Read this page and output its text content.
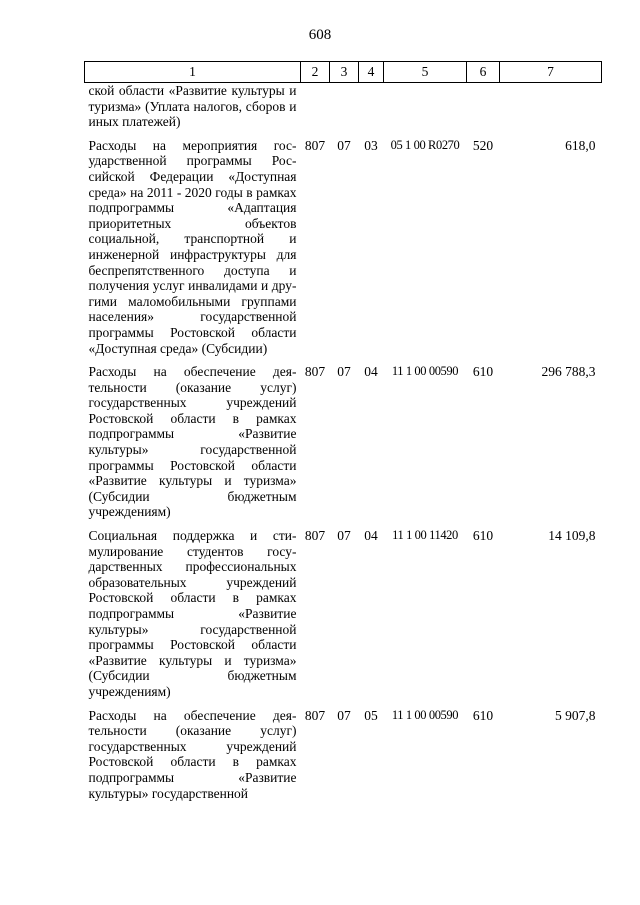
608
1	2	3	4	5	6	7
ской области «Развитие культуры и туризма» (Уплата налогов, сборов и иных платежей)						
Расходы на мероприятия государственной программы Российской Федерации «Доступная среда» на 2011 - 2020 годы в рамках подпрограммы «Адаптация приоритетных объектов социальной, транспортной и инженерной инфраструктуры для беспрепятственного доступа и получения услуг инвалидами и другими маломобильными группами населения» государственной программы Ростовской области «Доступная среда» (Субсидии)	807	07	03	05 1 00 R0270	520	618,0
Расходы на обеспечение деятельности (оказание услуг) государственных учреждений Ростовской области в рамках подпрограммы «Развитие культуры» государственной программы Ростовской области «Развитие культуры и туризма» (Субсидии бюджетным учреждениям)	807	07	04	11 1 00 00590	610	296 788,3
Социальная поддержка и стимулирование студентов государственных профессиональных образовательных учреждений Ростовской области в рамках подпрограммы «Развитие культуры» государственной программы Ростовской области «Развитие культуры и туризма» (Субсидии бюджетным учреждениям)	807	07	04	11 1 00 11420	610	14 109,8
Расходы на обеспечение деятельности (оказание услуг) государственных учреждений Ростовской области в рамках подпрограммы «Развитие культуры» государственной	807	07	05	11 1 00 00590	610	5 907,8
